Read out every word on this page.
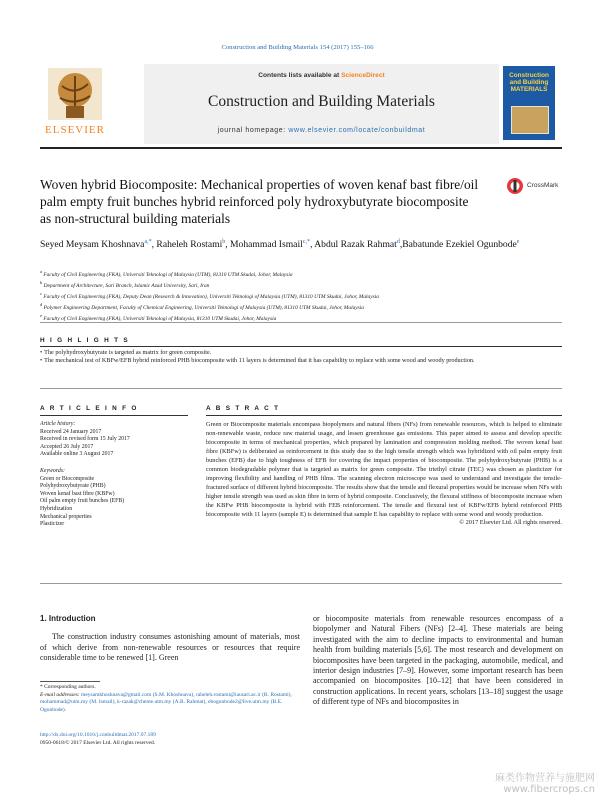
Construction and Building Materials 154 (2017) 155–166
ELSEVIER
Contents lists available at ScienceDirect
Construction and Building Materials
journal homepage: www.elsevier.com/locate/conbuildmat
Construction and Building MATERIALS
Woven hybrid Biocomposite: Mechanical properties of woven kenaf bast fibre/oil palm empty fruit bunches hybrid reinforced poly hydroxybutyrate biocomposite as non-structural building materials
CrossMark
Seyed Meysam Khoshnava$^{a,*}$, Raheleh Rostami$^b$, Mohammad Ismail$^{c,*}$, Abdul Razak Rahmat$^d$,Babatunde Ezekiel Ogunbode$^e$
$^a$ Faculty of Civil Engineering (FKA), Universiti Teknologi of Malaysia (UTM), 81310 UTM Skudai, Johor, Malaysia
$^b$ Department of Architecture, Sari Branch, Islamic Azad University, Sari, Iran
$^c$ Faculty of Civil Engineering (FKA), Deputy Dean (Research & Innovation), Universiti Teknologi of Malaysia (UTM), 81310 UTM Skudai, Johor, Malaysia
$^d$ Polymer Engineering Department, Faculty of Chemical Engineering, Universiti Teknologi of Malaysia (UTM), 81310 UTM Skudai, Johor, Malaysia
$^e$ Faculty of Civil Engineering (FKA), Universiti Teknologi of Malaysia, 81310 UTM Skudai, Johor, Malaysia
H I G H L I G H T S
• The polyhydroxybutyrate is targeted as matrix for green composite.
• The mechanical test of KBFw/EFB hybrid reinforced PHB biocomposite with 11 layers is determined that it has capability to replace with some wood and woody production.
A R T I C L E I N F O
Article history:
Received 24 January 2017
Received in revised form 15 July 2017
Accepted 26 July 2017
Available online 3 August 2017
Keywords:
Green or Biocomposite
Polyhydroxybutyrate (PHB)
Woven kenaf bast fibre (KBFw)
Oil palm empty fruit bunches (EFB)
Hybridization
Mechanical properties
Plasticizer
A B S T R A C T

Green or Biocomposite materials encompass biopolymers and natural fibers (NFs) from renewable resources, which is helped to eliminate non-renewable waste, reduce raw material usage, and lessen greenhouse gas emissions. This paper aimed to assess and develop specific biocomposite in terms of mechanical properties, which prepared by lamination and compression molding method. The woven kenaf bast fibre (KBFw) is deliberated as reinforcement in this study due to the high tensile strength which was hybridized with oil palm empty fruit bunches (EFB) due to high toughness of EFB for covering the impact properties of biocomposite. The polyhydroxybutyrate (PHB) is a common biodegradable polymer that is targeted as matrix for green composite. The triethyl citrate (TEC) was chosen as plasticizer for improving flexibility and handling of PHB films. The scanning electron microscope was used to understand and investigate the tensile-fractured surface of different hybrid biocomposite. The results show that the tensile and flexural properties would be increase when NFs with higher tensile strength was used as skin fibre in term of hybrid composite. Conclusively, the flexural stiffness of biocomposite increase when the KBFw PHB biocomposite is hybrid with FEB reinforcement. The tensile and flexural test of KBFw/EFB hybrid reinforced PHB biocomposite with 11 layers (sample E) is determined that sample E has capability to replace with some wood and woody production.

© 2017 Elsevier Ltd. All rights reserved.

1. Introduction

The construction industry consumes astonishing amount of materials, most of which derive from non-renewable resources or resources that require considerable time to be renewed [1]. Green

or biocomposite materials from renewable resources encompass of a biopolymer and Natural Fibers (NFs) [2–4]. These materials are being investigated with the aim to decline impacts to environmental and human health from building materials [5,6]. The most research and development on biocomposites have been targeted in the packaging, automobile, medical, and interior design industries [7–9]. However, some important research has been accompanied on biocomposites [10–12] that have been considered in construction applications. In recent years, scholars [13–18] suggest the usage of different type of NFs and biocomposites in

* Corresponding authors.
E-mail addresses: meysamkhoshnava@gmail.com (S.M. Khoshnava), raheleh.rostami@iausari.ac.ir (R. Rostami), mohammad@utm.my (M. Ismail), k-razak@cheme.utm.my (A.R. Rahmat), ebogunbode2@live.utm.my (B.E. Ogunbode).
http://dx.doi.org/10.1016/j.conbuildmat.2017.07.189
0950-0618/© 2017 Elsevier Ltd. All rights reserved.
麻类作物营养与施肥网 www.fibercrops.cn
